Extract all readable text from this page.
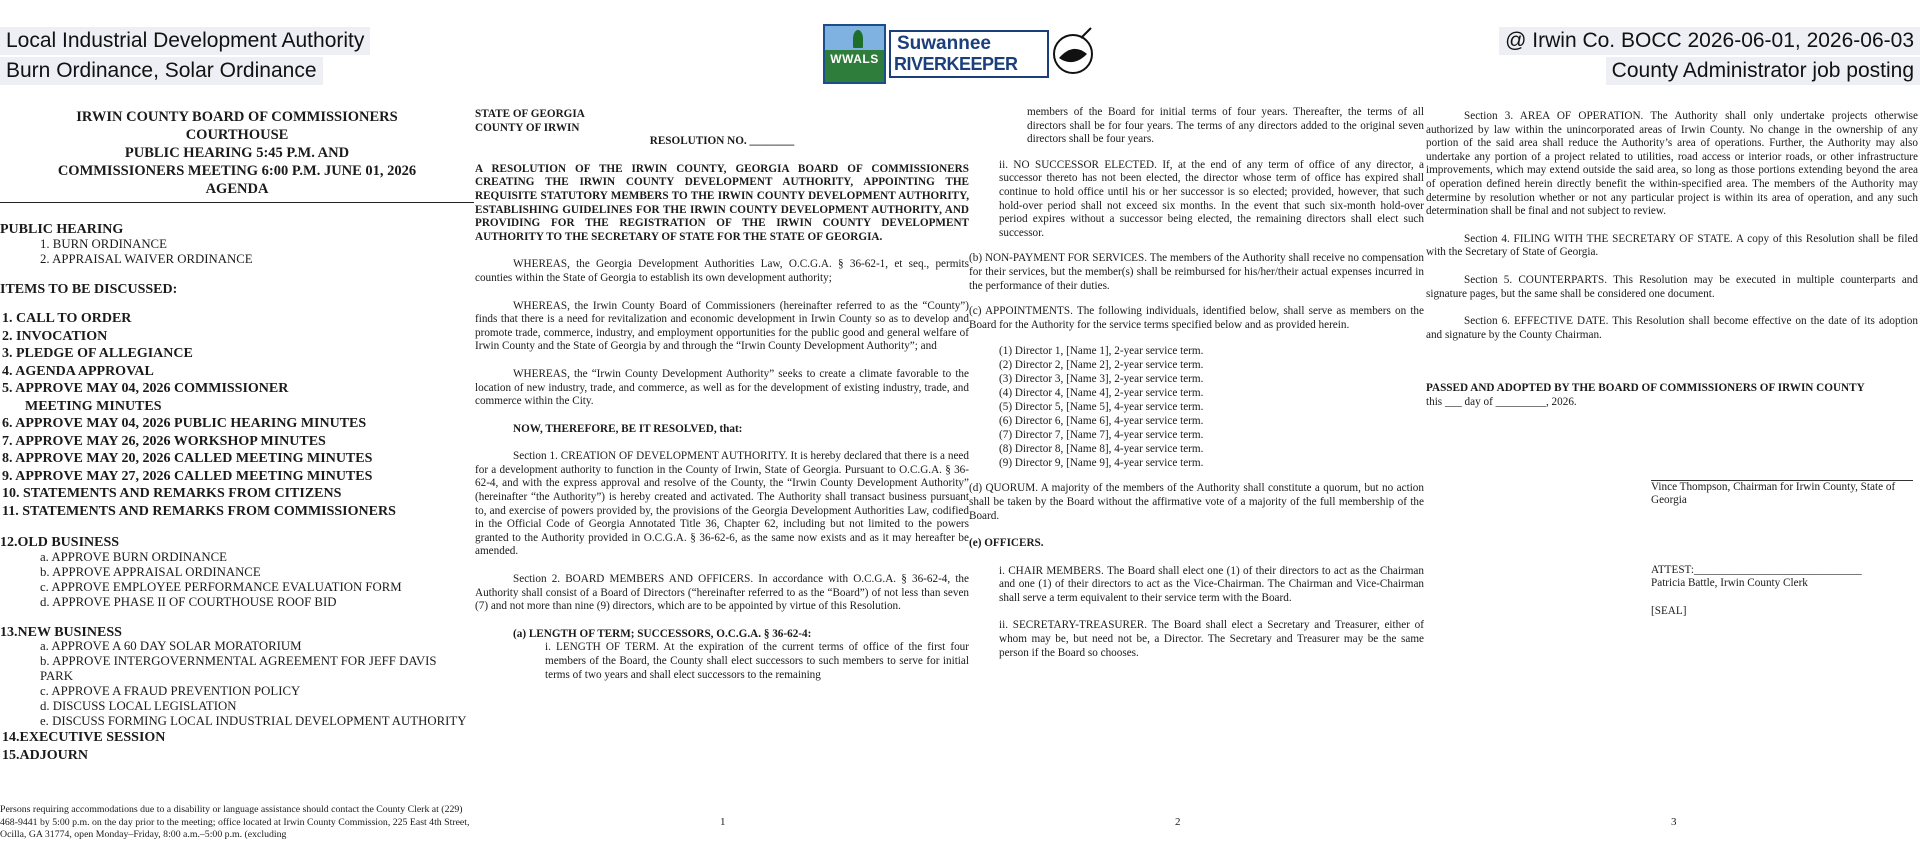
Local Industrial Development Authority
Burn Ordinance, Solar Ordinance
@ Irwin Co. BOCC 2026-06-01, 2026-06-03
County Administrator job posting
WWALS
Suwannee
RIVERKEEPER
IRWIN COUNTY BOARD OF COMMISSIONERS
COURTHOUSE
PUBLIC HEARING 5:45 P.M. AND
COMMISSIONERS MEETING 6:00 P.M. JUNE 01, 2026
AGENDA
PUBLIC HEARING
1. BURN ORDINANCE
2. APPRAISAL WAIVER ORDINANCE
ITEMS TO BE DISCUSSED:
1. CALL TO ORDER
2. INVOCATION
3. PLEDGE OF ALLEGIANCE
4. AGENDA APPROVAL
5. APPROVE MAY 04, 2026 COMMISSIONER
MEETING MINUTES
6. APPROVE MAY 04, 2026 PUBLIC HEARING MINUTES
7. APPROVE MAY 26, 2026 WORKSHOP MINUTES
8. APPROVE MAY 20, 2026 CALLED MEETING MINUTES
9. APPROVE MAY 27, 2026 CALLED MEETING MINUTES
10. STATEMENTS AND REMARKS FROM CITIZENS
11. STATEMENTS AND REMARKS FROM COMMISSIONERS
12.OLD BUSINESS
a. APPROVE BURN ORDINANCE
b. APPROVE APPRAISAL ORDINANCE
c. APPROVE EMPLOYEE PERFORMANCE EVALUATION FORM
d. APPROVE PHASE II OF COURTHOUSE ROOF BID
13.NEW BUSINESS
a. APPROVE A 60 DAY SOLAR MORATORIUM
b. APPROVE INTERGOVERNMENTAL AGREEMENT FOR JEFF DAVIS
PARK
c. APPROVE A FRAUD PREVENTION POLICY
d. DISCUSS LOCAL LEGISLATION
e. DISCUSS FORMING LOCAL INDUSTRIAL DEVELOPMENT AUTHORITY
14.EXECUTIVE SESSION
15.ADJOURN
Persons requiring accommodations due to a disability or language assistance should contact the County Clerk at (229) 468-9441 by 5:00 p.m. on the day prior to the meeting; office located at Irwin County Commission, 225 East 4th Street, Ocilla, GA 31774, open Monday–Friday, 8:00 a.m.–5:00 p.m. (excluding

STATE OF GEORGIA

COUNTY OF IRWIN

RESOLUTION NO. ________

A RESOLUTION OF THE IRWIN COUNTY, GEORGIA BOARD OF COMMISSIONERS CREATING THE IRWIN COUNTY DEVELOPMENT AUTHORITY, APPOINTING THE REQUISITE STATUTORY MEMBERS TO THE IRWIN COUNTY DEVELOPMENT AUTHORITY, ESTABLISHING GUIDELINES FOR THE IRWIN COUNTY DEVELOPMENT AUTHORITY, AND PROVIDING FOR THE REGISTRATION OF THE IRWIN COUNTY DEVELOPMENT AUTHORITY TO THE SECRETARY OF STATE FOR THE STATE OF GEORGIA.

WHEREAS, the Georgia Development Authorities Law, O.C.G.A. § 36-62-1, et seq., permits counties within the State of Georgia to establish its own development authority;

WHEREAS, the Irwin County Board of Commissioners (hereinafter referred to as the “County”) finds that there is a need for revitalization and economic development in Irwin County so as to develop and promote trade, commerce, industry, and employment opportunities for the public good and general welfare of Irwin County and the State of Georgia by and through the “Irwin County Development Authority”; and

WHEREAS, the “Irwin County Development Authority” seeks to create a climate favorable to the location of new industry, trade, and commerce, as well as for the development of existing industry, trade, and commerce within the City.

NOW, THEREFORE, BE IT RESOLVED, that:

Section 1. CREATION OF DEVELOPMENT AUTHORITY. It is hereby declared that there is a need for a development authority to function in the County of Irwin, State of Georgia. Pursuant to O.C.G.A. § 36-62-4, and with the express approval and resolve of the County, the “Irwin County Development Authority” (hereinafter “the Authority”) is hereby created and activated. The Authority shall transact business pursuant to, and exercise of powers provided by, the provisions of the Georgia Development Authorities Law, codified in the Official Code of Georgia Annotated Title 36, Chapter 62, including but not limited to the powers granted to the Authority provided in O.C.G.A. § 36-62-6, as the same now exists and as it may hereafter be amended.

Section 2. BOARD MEMBERS AND OFFICERS. In accordance with O.C.G.A. § 36-62-4, the Authority shall consist of a Board of Directors (“hereinafter referred to as the “Board”) of not less than seven (7) and not more than nine (9) directors, which are to be appointed by virtue of this Resolution.

(a) LENGTH OF TERM; SUCCESSORS, O.C.G.A. § 36-62-4:

i. LENGTH OF TERM. At the expiration of the current terms of office of the first four members of the Board, the County shall elect successors to such members to serve for initial terms of two years and shall elect successors to the remaining

1

members of the Board for initial terms of four years. Thereafter, the terms of all directors shall be for four years. The terms of any directors added to the original seven directors shall be four years.

ii. NO SUCCESSOR ELECTED. If, at the end of any term of office of any director, a successor thereto has not been elected, the director whose term of office has expired shall continue to hold office until his or her successor is so elected; provided, however, that such hold-over period shall not exceed six months. In the event that such six-month hold-over period expires without a successor being elected, the remaining directors shall elect such successor.

(b) NON-PAYMENT FOR SERVICES. The members of the Authority shall receive no compensation for their services, but the member(s) shall be reimbursed for his/her/their actual expenses incurred in the performance of their duties.

(c) APPOINTMENTS. The following individuals, identified below, shall serve as members on the Board for the Authority for the service terms specified below and as provided herein.

(1) Director 1, [Name 1], 2-year service term.

(2) Director 2, [Name 2], 2-year service term.

(3) Director 3, [Name 3], 2-year service term.

(4) Director 4, [Name 4], 2-year service term.

(5) Director 5, [Name 5], 4-year service term.

(6) Director 6, [Name 6], 4-year service term.

(7) Director 7, [Name 7], 4-year service term.

(8) Director 8, [Name 8], 4-year service term.

(9) Director 9, [Name 9], 4-year service term.

(d) QUORUM. A majority of the members of the Authority shall constitute a quorum, but no action shall be taken by the Board without the affirmative vote of a majority of the full membership of the Board.

(e) OFFICERS.

i. CHAIR MEMBERS. The Board shall elect one (1) of their directors to act as the Chairman and one (1) of their directors to act as the Vice-Chairman. The Chairman and Vice-Chairman shall serve a term equivalent to their service term with the Board.

ii. SECRETARY-TREASURER. The Board shall elect a Secretary and Treasurer, either of whom may be, but need not be, a Director. The Secretary and Treasurer may be the same person if the Board so chooses.

2

Section 3. AREA OF OPERATION. The Authority shall only undertake projects otherwise authorized by law within the unincorporated areas of Irwin County. No change in the ownership of any portion of the said area shall reduce the Authority’s area of operations. Further, the Authority may also undertake any portion of a project related to utilities, road access or interior roads, or other infrastructure improvements, which may extend outside the said area, so long as those portions extending beyond the area of operation defined herein directly benefit the within-specified area. The members of the Authority may determine by resolution whether or not any particular project is within its area of operation, and any such determination shall be final and not subject to review.

Section 4. FILING WITH THE SECRETARY OF STATE. A copy of this Resolution shall be filed with the Secretary of State of Georgia.

Section 5. COUNTERPARTS. This Resolution may be executed in multiple counterparts and signature pages, but the same shall be considered one document.

Section 6. EFFECTIVE DATE. This Resolution shall become effective on the date of its adoption and signature by the County Chairman.

PASSED AND ADOPTED BY THE BOARD OF COMMISSIONERS OF IRWIN COUNTY

this ___ day of _________, 2026.

Vince Thompson, Chairman for Irwin County, State of Georgia

ATTEST:______________________________

Patricia Battle, Irwin County Clerk

[SEAL]

3
